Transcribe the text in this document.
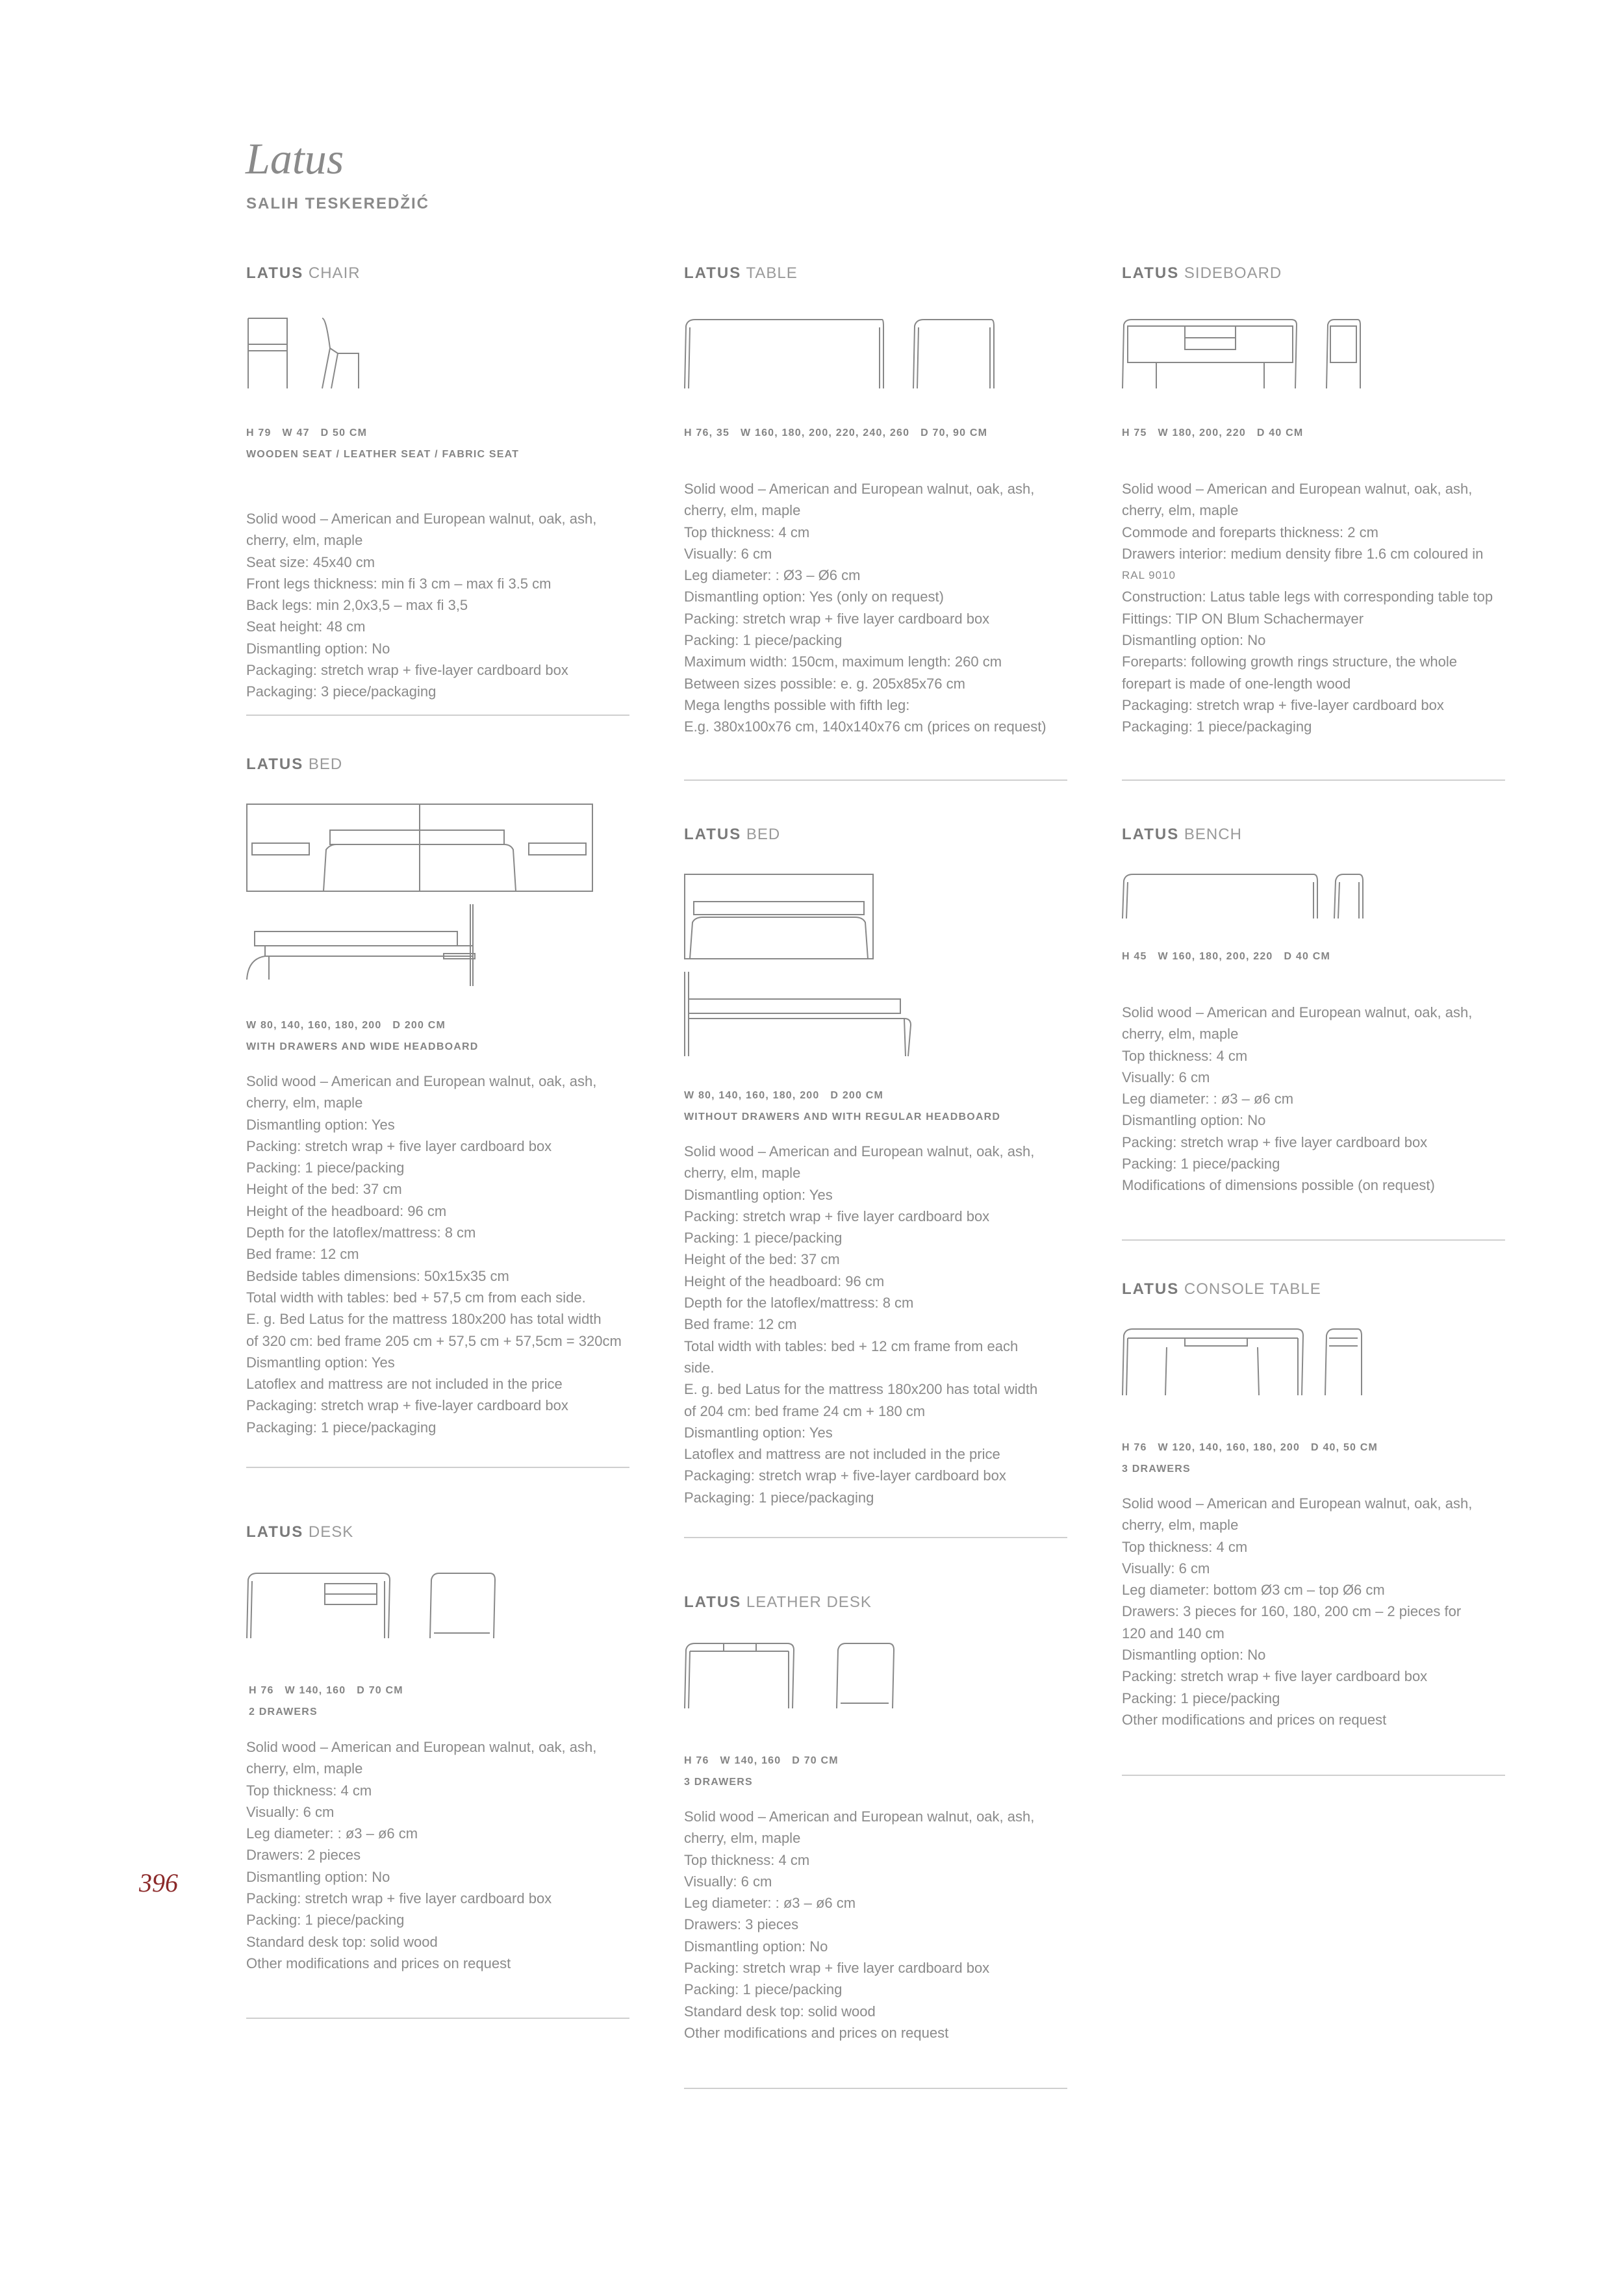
Latus
SALIH TESKEREDŽIĆ
396
LATUS CHAIR
H 79   W 47   D 50 CM
WOODEN SEAT / LEATHER SEAT / FABRIC SEAT
Solid wood – American and European walnut, oak, ash,
cherry, elm, maple
Seat size: 45x40 cm
Front legs thickness: min fi 3 cm – max fi 3.5 cm
Back legs: min 2,0x3,5 – max fi 3,5
Seat height: 48 cm
Dismantling option: No
Packaging: stretch wrap + five-layer cardboard box
Packaging: 3 piece/packaging
LATUS BED
W 80, 140, 160, 180, 200   D 200 CM
WITH DRAWERS AND WIDE HEADBOARD
Solid wood – American and European walnut, oak, ash,
cherry, elm, maple
Dismantling option: Yes
Packing: stretch wrap + five layer cardboard box
Packing: 1 piece/packing
Height of the bed: 37 cm
Height of the headboard: 96 cm
Depth for the latoflex/mattress: 8 cm
Bed frame: 12 cm
Bedside tables dimensions: 50x15x35 cm
Total width with tables: bed + 57,5 cm from each side.
E. g. Bed Latus for the mattress 180x200 has total width
of 320 cm: bed frame 205 cm + 57,5 cm + 57,5cm = 320cm
Dismantling option: Yes
Latoflex and mattress are not included in the price
Packaging: stretch wrap + five-layer cardboard box
Packaging: 1 piece/packaging
LATUS DESK
H 76   W 140, 160   D 70 CM
2 DRAWERS
Solid wood – American and European walnut, oak, ash,
cherry, elm, maple
Top thickness: 4 cm
Visually: 6 cm
Leg diameter: : ø3 – ø6 cm
Drawers: 2 pieces
Dismantling option: No
Packing: stretch wrap + five layer cardboard box
Packing: 1 piece/packing
Standard desk top: solid wood
Other modifications and prices on request
LATUS TABLE
H 76, 35   W 160, 180, 200, 220, 240, 260   D 70, 90 CM
Solid wood – American and European walnut, oak, ash,
cherry, elm, maple
Top thickness: 4 cm
Visually: 6 cm
Leg diameter: : Ø3 – Ø6 cm
Dismantling option: Yes (only on request)
Packing: stretch wrap + five layer cardboard box
Packing: 1 piece/packing
Maximum width: 150cm, maximum length: 260 cm
Between sizes possible: e. g. 205x85x76 cm
Mega lengths possible with fifth leg:
E.g. 380x100x76 cm, 140x140x76 cm (prices on request)
LATUS BED
W 80, 140, 160, 180, 200   D 200 CM
WITHOUT DRAWERS AND WITH REGULAR HEADBOARD
Solid wood – American and European walnut, oak, ash,
cherry, elm, maple
Dismantling option: Yes
Packing: stretch wrap + five layer cardboard box
Packing: 1 piece/packing
Height of the bed: 37 cm
Height of the headboard: 96 cm
Depth for the latoflex/mattress: 8 cm
Bed frame: 12 cm
Total width with tables: bed + 12 cm frame from each
side.
E. g. bed Latus for the mattress 180x200 has total width
of 204 cm: bed frame 24 cm + 180 cm
Dismantling option: Yes
Latoflex and mattress are not included in the price
Packaging: stretch wrap + five-layer cardboard box
Packaging: 1 piece/packaging
LATUS LEATHER DESK
H 76   W 140, 160   D 70 CM
3 DRAWERS
Solid wood – American and European walnut, oak, ash,
cherry, elm, maple
Top thickness: 4 cm
Visually: 6 cm
Leg diameter: : ø3 – ø6 cm
Drawers: 3 pieces
Dismantling option: No
Packing: stretch wrap + five layer cardboard box
Packing: 1 piece/packing
Standard desk top: solid wood
Other modifications and prices on request
LATUS SIDEBOARD
H 75   W 180, 200, 220   D 40 CM
Solid wood – American and European walnut, oak, ash,
cherry, elm, maple
Commode and foreparts thickness: 2 cm
Drawers interior: medium density fibre 1.6 cm coloured in
RAL 9010
Construction: Latus table legs with corresponding table top
Fittings: TIP ON Blum Schachermayer
Dismantling option: No
Foreparts: following growth rings structure, the whole
forepart is made of one-length wood
Packaging: stretch wrap + five-layer cardboard box
Packaging: 1 piece/packaging
LATUS BENCH
H 45   W 160, 180, 200, 220   D 40 CM
Solid wood – American and European walnut, oak, ash,
cherry, elm, maple
Top thickness: 4 cm
Visually: 6 cm
Leg diameter: : ø3 – ø6 cm
Dismantling option: No
Packing: stretch wrap + five layer cardboard box
Packing: 1 piece/packing
Modifications of dimensions possible (on request)
LATUS CONSOLE TABLE
H 76   W 120, 140, 160, 180, 200   D 40, 50 CM
3 DRAWERS
Solid wood – American and European walnut, oak, ash,
cherry, elm, maple
Top thickness: 4 cm
Visually: 6 cm
Leg diameter: bottom Ø3 cm – top Ø6 cm
Drawers: 3 pieces for 160, 180, 200 cm – 2 pieces for
120 and 140 cm
Dismantling option: No
Packing: stretch wrap + five layer cardboard box
Packing: 1 piece/packing
Other modifications and prices on request
